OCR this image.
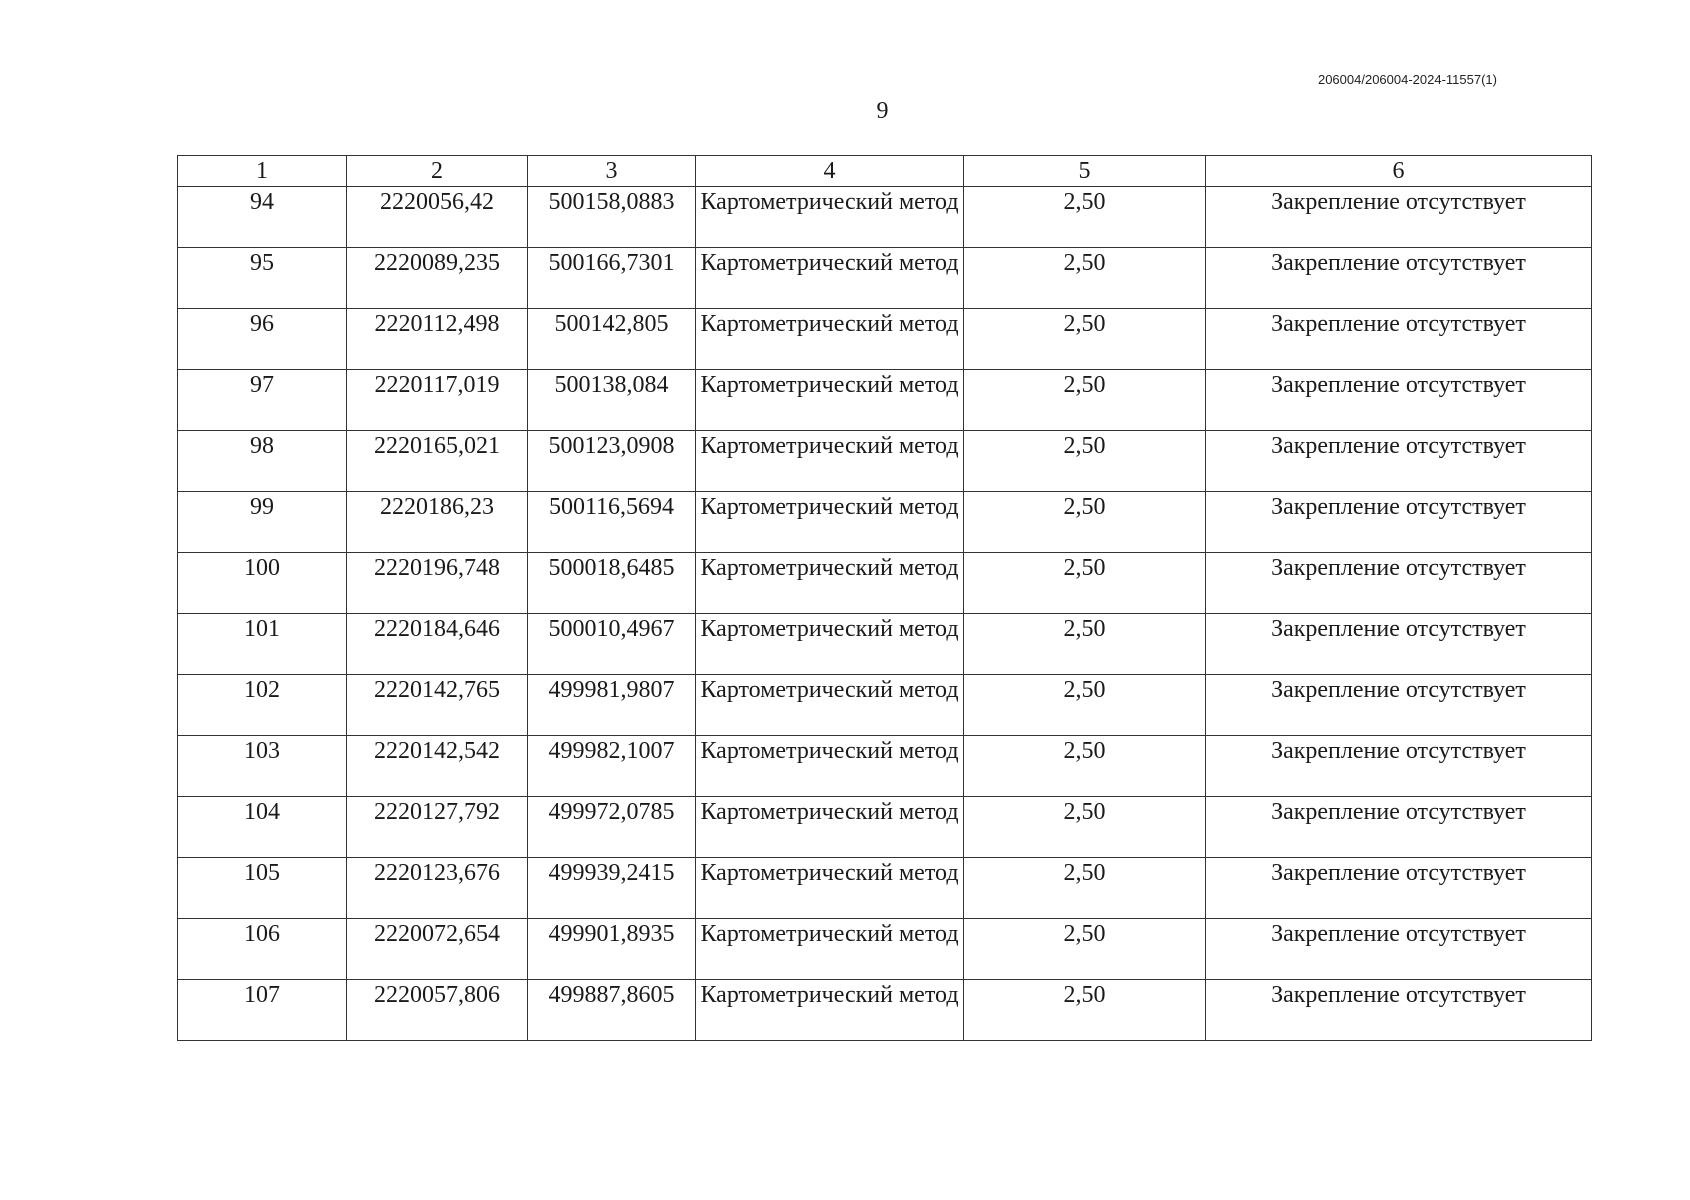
206004/206004-2024-11557(1)
9
1	2	3	4	5	6
94	2220056,42	500158,0883	Картометрический метод	2,50	Закрепление отсутствует
95	2220089,235	500166,7301	Картометрический метод	2,50	Закрепление отсутствует
96	2220112,498	500142,805	Картометрический метод	2,50	Закрепление отсутствует
97	2220117,019	500138,084	Картометрический метод	2,50	Закрепление отсутствует
98	2220165,021	500123,0908	Картометрический метод	2,50	Закрепление отсутствует
99	2220186,23	500116,5694	Картометрический метод	2,50	Закрепление отсутствует
100	2220196,748	500018,6485	Картометрический метод	2,50	Закрепление отсутствует
101	2220184,646	500010,4967	Картометрический метод	2,50	Закрепление отсутствует
102	2220142,765	499981,9807	Картометрический метод	2,50	Закрепление отсутствует
103	2220142,542	499982,1007	Картометрический метод	2,50	Закрепление отсутствует
104	2220127,792	499972,0785	Картометрический метод	2,50	Закрепление отсутствует
105	2220123,676	499939,2415	Картометрический метод	2,50	Закрепление отсутствует
106	2220072,654	499901,8935	Картометрический метод	2,50	Закрепление отсутствует
107	2220057,806	499887,8605	Картометрический метод	2,50	Закрепление отсутствует
